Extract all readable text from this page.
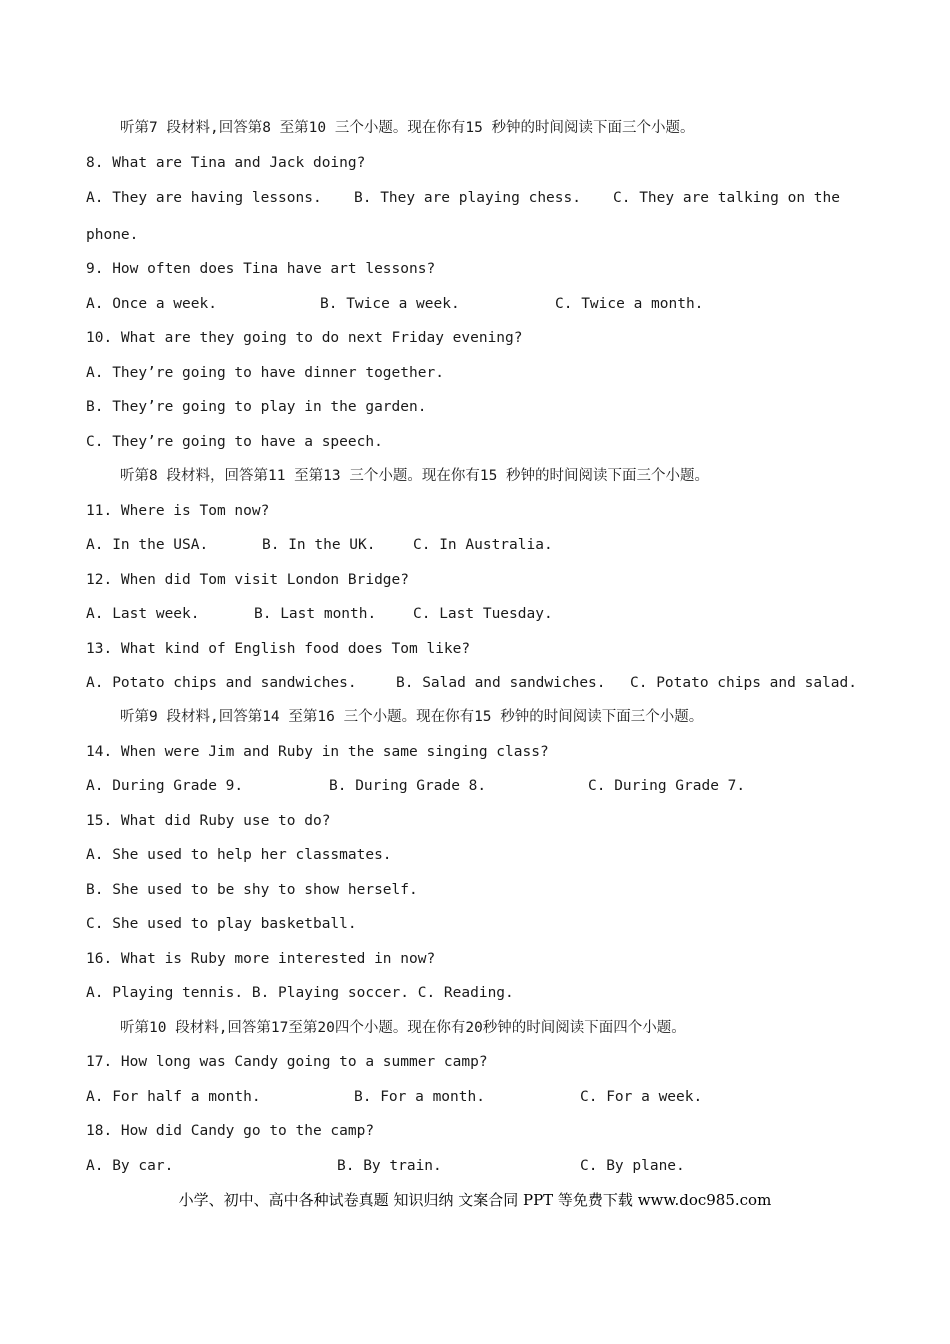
听第7 段材料,回答第8 至第10 三个小题。现在你有15 秒钟的时间阅读下面三个小题。
8. What are Tina and Jack doing?
A. They are having lessons. B. They are playing chess. C. They are talking on the
phone.
9. How often does Tina have art lessons?
A. Once a week.	B. Twice a week.	C. Twice a month.
10. What are they going to do next Friday evening?
A. They’re going to have dinner together.
B. They’re going to play in the garden.
C. They’re going to have a speech.
听第8 段材料，回答第11 至第13 三个小题。现在你有15 秒钟的时间阅读下面三个小题。
11. Where is Tom now?
A. In the USA.	B. In the UK.	C. In Australia.
12. When did Tom visit London Bridge?
A. Last week.	B. Last month.	C. Last Tuesday.
13. What kind of English food does Tom like?
A. Potato chips and sandwiches.	B. Salad and sandwiches. C. Potato chips and salad.
听第9 段材料,回答第14 至第16 三个小题。现在你有15 秒钟的时间阅读下面三个小题。
14. When were Jim and Ruby in the same singing class?
A. During Grade 9.	B. During Grade 8.	C. During Grade 7.
15. What did Ruby use to do?
A. She used to help her classmates.
B. She used to be shy to show herself.
C. She used to play basketball.
16. What is Ruby more interested in now?
A. Playing tennis. B. Playing soccer. C. Reading.
听第10 段材料,回答第17至第20四个小题。现在你有20秒钟的时间阅读下面四个小题。
17. How long was Candy going to a summer camp?
A. For half a month.	B. For a month.	C. For a week.
18. How did Candy go to the camp?
A. By car.	B. By train.	C. By plane.
小学、初中、高中各种试卷真题 知识归纳 文案合同 PPT 等免费下载 www.doc985.com
